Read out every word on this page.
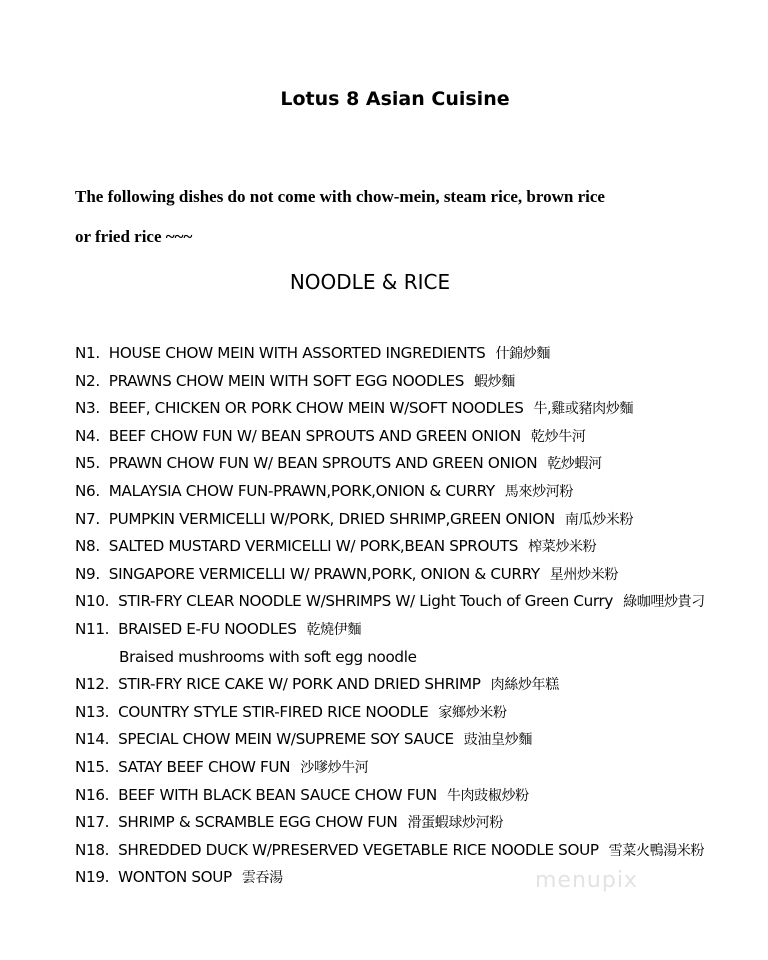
Lotus 8 Asian Cuisine
The following dishes do not come with chow-mein, steam rice, brown rice
or fried rice ~~~
NOODLE & RICE
N1. HOUSE CHOW MEIN WITH ASSORTED INGREDIENTS 什錦炒麵
N2. PRAWNS CHOW MEIN WITH SOFT EGG NOODLES 蝦炒麵
N3. BEEF, CHICKEN OR PORK CHOW MEIN W/SOFT NOODLES 牛,雞或豬肉炒麵
N4. BEEF CHOW FUN W/ BEAN SPROUTS AND GREEN ONION 乾炒牛河
N5. PRAWN CHOW FUN W/ BEAN SPROUTS AND GREEN ONION 乾炒蝦河
N6. MALAYSIA CHOW FUN-PRAWN,PORK,ONION & CURRY 馬來炒河粉
N7. PUMPKIN VERMICELLI W/PORK, DRIED SHRIMP,GREEN ONION 南瓜炒米粉
N8. SALTED MUSTARD VERMICELLI W/ PORK,BEAN SPROUTS 榨菜炒米粉
N9. SINGAPORE VERMICELLI W/ PRAWN,PORK, ONION & CURRY 星州炒米粉
N10. STIR-FRY CLEAR NOODLE W/SHRIMPS W/ Light Touch of Green Curry 綠咖哩炒貴刁
N11. BRAISED E-FU NOODLES 乾燒伊麵
Braised mushrooms with soft egg noodle
N12. STIR-FRY RICE CAKE W/ PORK AND DRIED SHRIMP 肉絲炒年糕
N13. COUNTRY STYLE STIR-FIRED RICE NOODLE 家鄉炒米粉
N14. SPECIAL CHOW MEIN W/SUPREME SOY SAUCE 豉油皇炒麵
N15. SATAY BEEF CHOW FUN 沙嗲炒牛河
N16. BEEF WITH BLACK BEAN SAUCE CHOW FUN 牛肉豉椒炒粉
N17. SHRIMP & SCRAMBLE EGG CHOW FUN 滑蛋蝦球炒河粉
N18. SHREDDED DUCK W/PRESERVED VEGETABLE RICE NOODLE SOUP 雪菜火鴨湯米粉
N19. WONTON SOUP 雲吞湯	menupix
